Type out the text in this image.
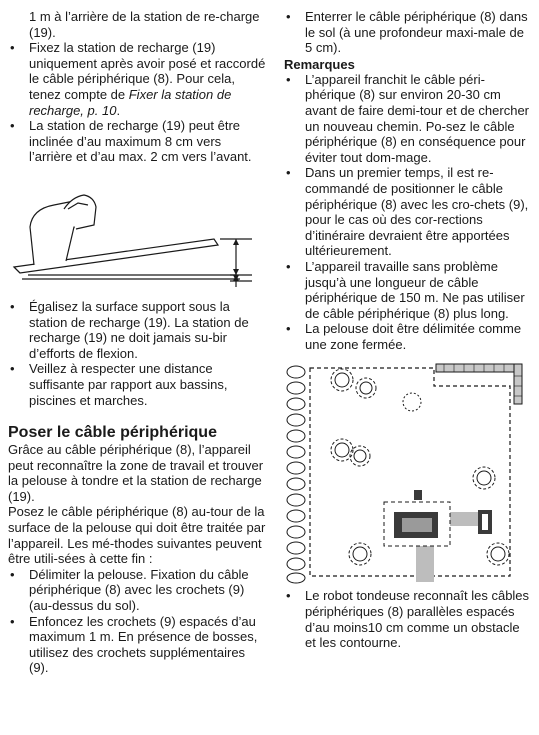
1 m à l’arrière de la station de re-charge (19).

• Fixez la station de recharge (19) uniquement après avoir posé et raccordé le câble périphérique (8). Pour cela, tenez compte de Fixer la station de recharge, p. 10.
• La station de recharge (19) peut être inclinée d’au maximum 8 cm vers l’arrière et d’au max. 2 cm vers l’avant.
• Égalisez la surface support sous la station de recharge (19). La station de recharge (19) ne doit jamais su-bir d’efforts de flexion.
• Veillez à respecter une distance suffisante par rapport aux bassins, piscines et marches.

Poser le câble périphérique

Grâce au câble périphérique (8), l’appareil peut reconnaître la zone de travail et trouver la pelouse à tondre et la station de recharge (19).

Posez le câble périphérique (8) au-tour de la surface de la pelouse qui doit être traitée par l’appareil. Les mé-thodes suivantes peuvent être utili-sées à cette fin :

• Délimiter la pelouse. Fixation du câble périphérique (8) avec les crochets (9) (au-dessus du sol).
• Enfoncez les crochets (9) espacés d’au maximum 1 m. En présence de bosses, utilisez des crochets supplémentaires (9).
• Enterrer le câble périphérique (8) dans le sol (à une profondeur maxi-male de 5 cm).

Remarques

• L’appareil franchit le câble péri-phérique (8) sur environ 20-30 cm avant de faire demi-tour et de chercher un nouveau chemin. Po-sez le câble périphérique (8) en conséquence pour éviter tout dom-mage.
• Dans un premier temps, il est re-commandé de positionner le câble périphérique (8) avec les cro-chets (9), pour le cas où des cor-rections d’itinéraire devraient être apportées ultérieurement.
• L’appareil travaille sans problème jusqu’à une longueur de câble périphérique de 150 m. Ne pas utiliser de câble périphérique (8) plus long.
• La pelouse doit être délimitée comme une zone fermée.
• Le robot tondeuse reconnaît les câbles périphériques (8) parallèles espacés d’au moins10 cm comme un obstacle et les contourne.
